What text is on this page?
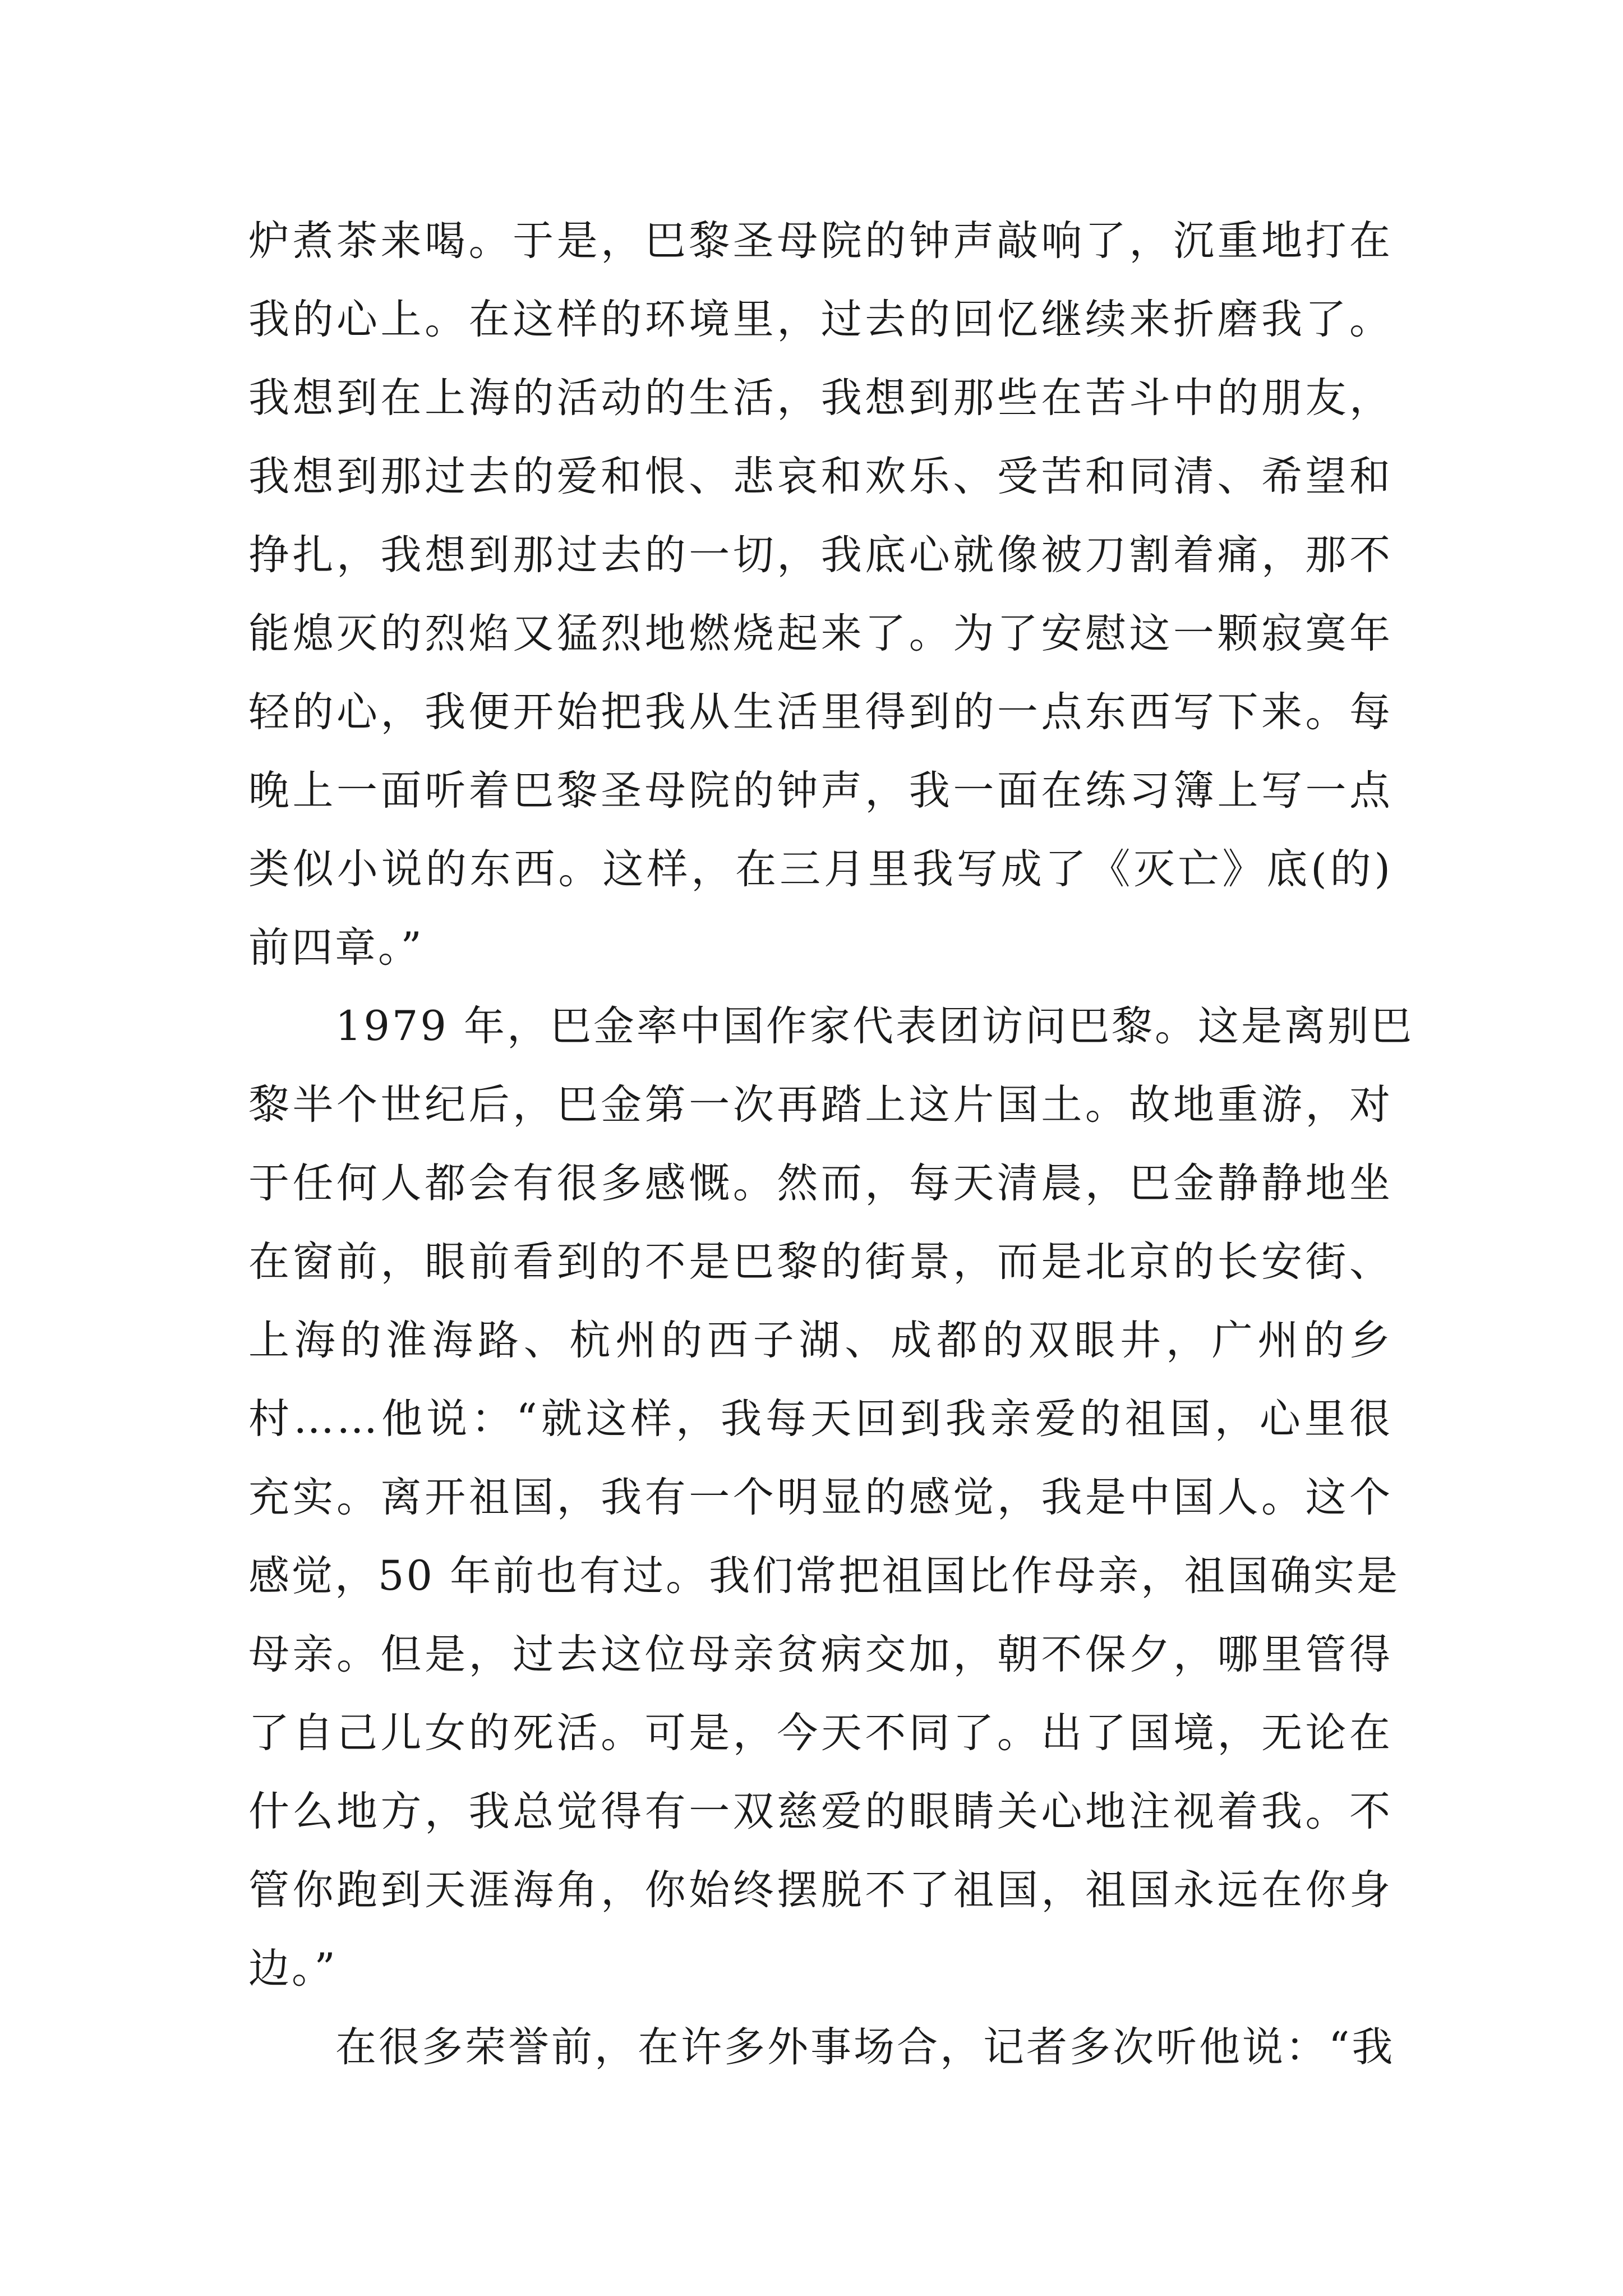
炉煮茶来喝。于是，巴黎圣母院的钟声敲响了，沉重地打在
我的心上。在这样的环境里，过去的回忆继续来折磨我了。
我想到在上海的活动的生活，我想到那些在苦斗中的朋友，
我想到那过去的爱和恨、悲哀和欢乐、受苦和同清、希望和
挣扎，我想到那过去的一切，我底心就像被刀割着痛，那不
能熄灭的烈焰又猛烈地燃烧起来了。为了安慰这一颗寂寞年
轻的心，我便开始把我从生活里得到的一点东西写下来。每
晚上一面听着巴黎圣母院的钟声，我一面在练习簿上写一点
类似小说的东西。这样，在三月里我写成了《灭亡》底(的)
前四章。”
1979 年，巴金率中国作家代表团访问巴黎。这是离别巴
黎半个世纪后，巴金第一次再踏上这片国土。故地重游，对
于任何人都会有很多感慨。然而，每天清晨，巴金静静地坐
在窗前，眼前看到的不是巴黎的街景，而是北京的长安街、
上海的淮海路、杭州的西子湖、成都的双眼井，广州的乡
村……他说：“就这样，我每天回到我亲爱的祖国，心里很
充实。离开祖国，我有一个明显的感觉，我是中国人。这个
感觉，50 年前也有过。我们常把祖国比作母亲，祖国确实是
母亲。但是，过去这位母亲贫病交加，朝不保夕，哪里管得
了自己儿女的死活。可是，今天不同了。出了国境，无论在
什么地方，我总觉得有一双慈爱的眼睛关心地注视着我。不
管你跑到天涯海角，你始终摆脱不了祖国，祖国永远在你身
边。”
在很多荣誉前，在许多外事场合，记者多次听他说：“我
